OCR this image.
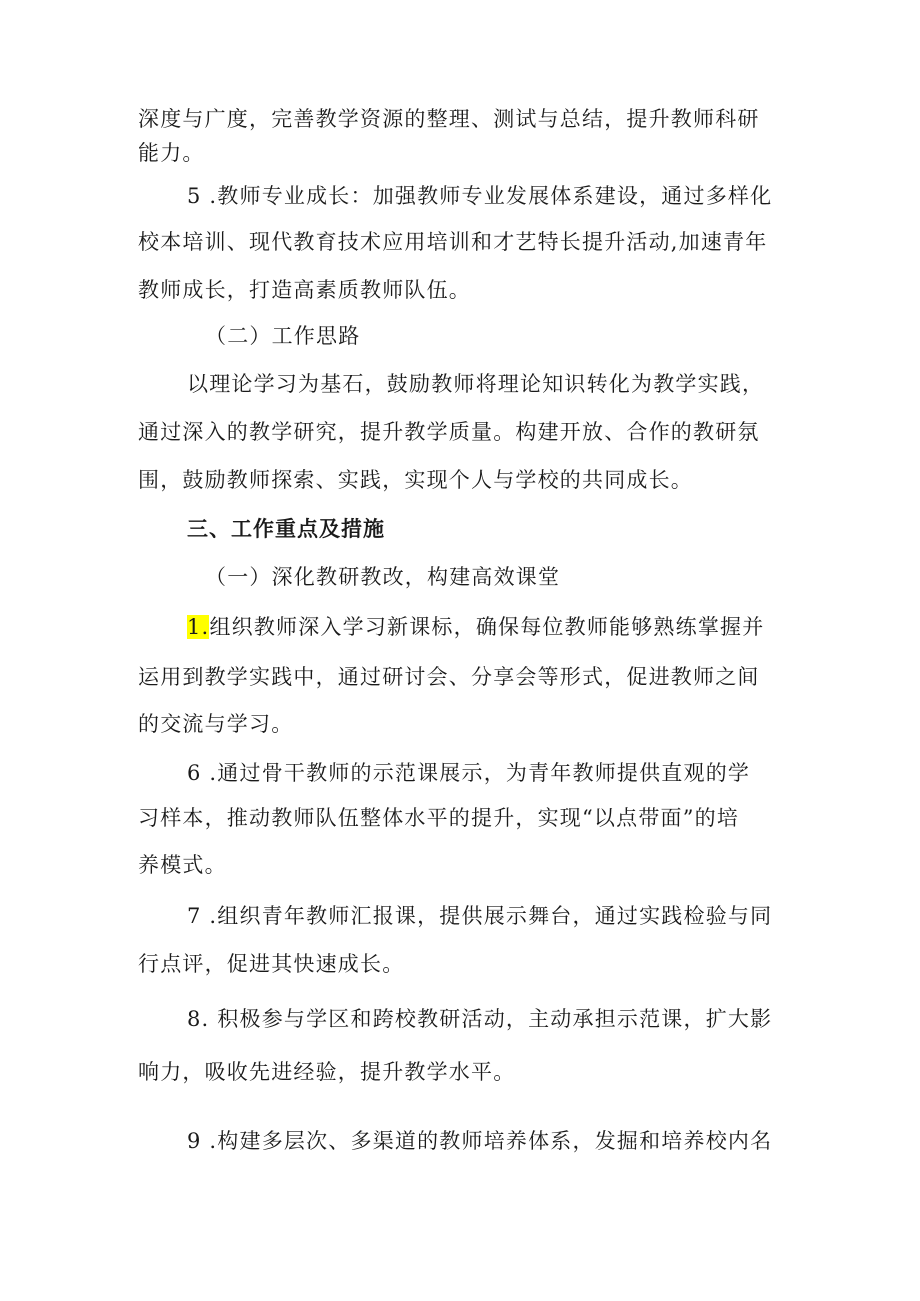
深度与广度，完善教学资源的整理、测试与总结，提升教师科研
能力。
5 .教师专业成长：加强教师专业发展体系建设，通过多样化
校本培训、现代教育技术应用培训和才艺特长提升活动,加速青年
教师成长，打造高素质教师队伍。
（二）工作思路
以理论学习为基石，鼓励教师将理论知识转化为教学实践，
通过深入的教学研究，提升教学质量。构建开放、合作的教研氛
围，鼓励教师探索、实践，实现个人与学校的共同成长。
三、工作重点及措施
（一）深化教研教改，构建高效课堂
1.组织教师深入学习新课标，确保每位教师能够熟练掌握并
运用到教学实践中，通过研讨会、分享会等形式，促进教师之间
的交流与学习。
6 .通过骨干教师的示范课展示，为青年教师提供直观的学
习样本，推动教师队伍整体水平的提升，实现“以点带面”的培
养模式。
7 .组织青年教师汇报课，提供展示舞台，通过实践检验与同
行点评，促进其快速成长。
8. 积极参与学区和跨校教研活动，主动承担示范课，扩大影
响力，吸收先进经验，提升教学水平。
9 .构建多层次、多渠道的教师培养体系，发掘和培养校内名
